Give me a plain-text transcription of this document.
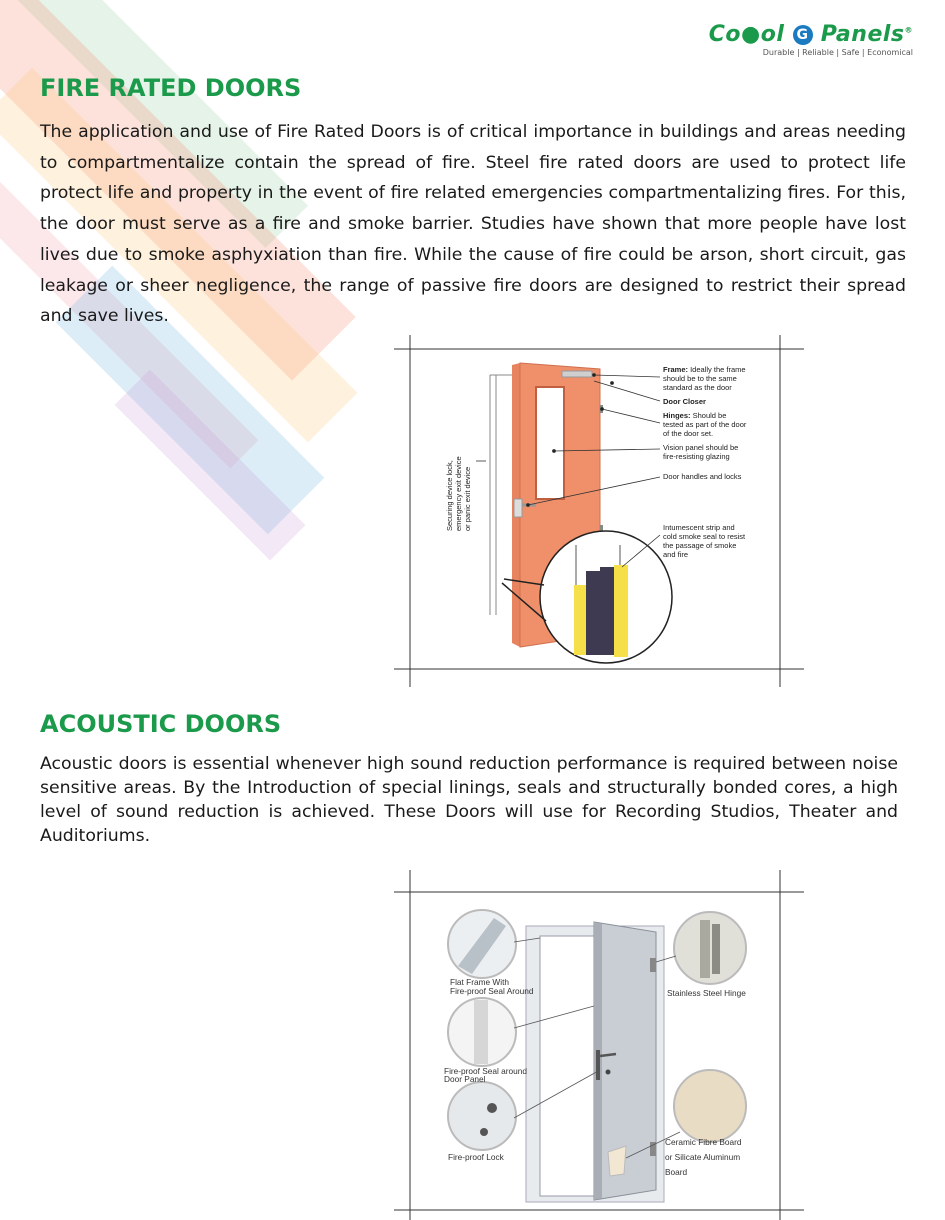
Co●ol G Panels®
Durable | Reliable | Safe | Economical
FIRE RATED DOORS

The application and use of Fire Rated Doors is of critical importance in buildings and areas needing to compartmentalize contain the spread of fire. Steel fire rated doors are used to protect life protect life and property in the event of fire related emergencies compartmentalizing fires. For this, the door must serve as a fire and smoke barrier. Studies have shown that more people have lost lives due to smoke asphyxiation than fire. While the cause of fire could be arson, short circuit, gas leakage or sheer negligence, the range of passive fire doors are designed to restrict their spread and save lives.

Frame: Ideally the frame
should be to the same
standard as the door
Door Closer
Hinges: Should be
tested as part of the door
of the door set.
Vision panel should be
fire-resisting glazing
Door handles and locks
Intumescent strip and
cold smoke seal to resist
the passage of smoke
and fire
Securing device lock, emergency exit device or panic exit device
ACOUSTIC DOORS

Acoustic doors is essential whenever high sound reduction performance is required between noise sensitive areas. By the Introduction of special linings, seals and structurally bonded cores, a high level of sound reduction is achieved. These Doors will use for Recording Studios, Theater and Auditoriums.

Flat Frame With
Fire-proof Seal Around
Fire-proof Seal around
Door Panel
Fire-proof Lock
Stainless Steel Hinge
Ceramic Fibre Board
or Silicate Aluminum
Board
